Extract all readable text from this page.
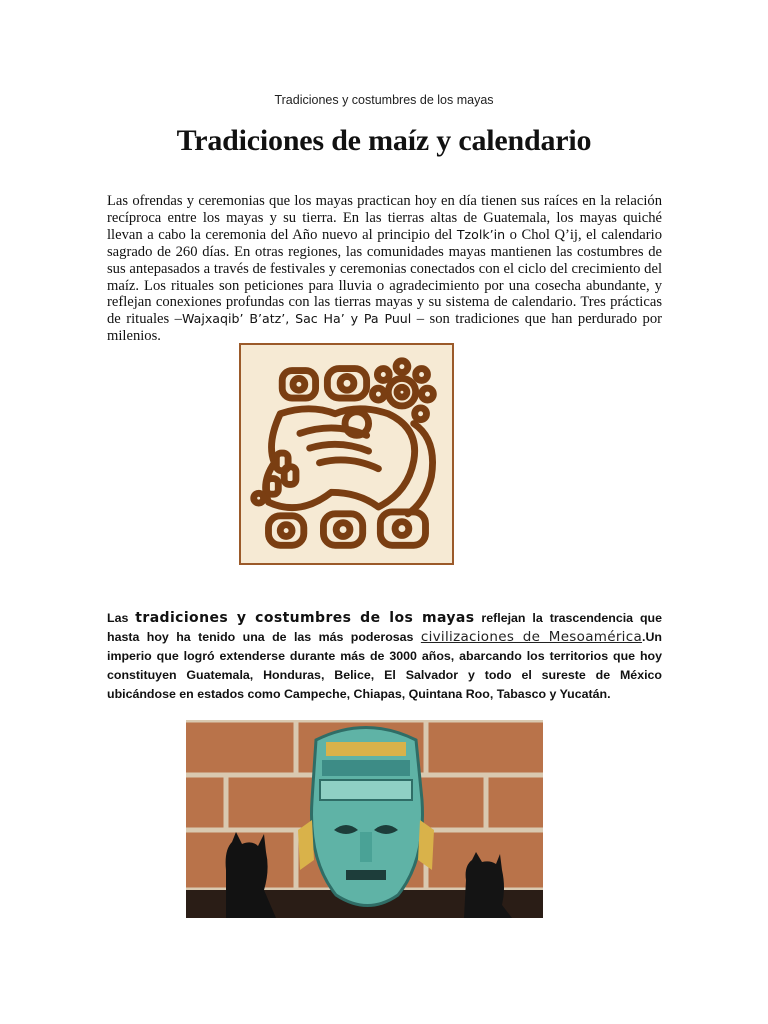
Tradiciones y costumbres de los mayas
Tradiciones de maíz y calendario
Las ofrendas y ceremonias que los mayas practican hoy en día tienen sus raíces en la relación recíproca entre los mayas y su tierra. En las tierras altas de Guatemala, los mayas quiché llevan a cabo la ceremonia del Año nuevo al principio del Tzolk’in o Chol Q’ij, el calendario sagrado de 260 días. En otras regiones, las comunidades mayas mantienen las costumbres de sus antepasados a través de festivales y ceremonias conectados con el ciclo del crecimiento del maíz. Los rituales son peticiones para lluvia o agradecimiento por una cosecha abundante, y reflejan conexiones profundas con las tierras mayas y su sistema de calendario. Tres prácticas de rituales –Wajxaqib’ B’atz’, Sac Ha’ y Pa Puul – son tradiciones que han perdurado por milenios.
Las tradiciones y costumbres de los mayas reflejan la trascendencia que hasta hoy ha tenido una de las más poderosas civilizaciones de Mesoamérica.Un imperio que logró extenderse durante más de 3000 años, abarcando los territorios que hoy constituyen Guatemala, Honduras, Belice, El Salvador y todo el sureste de México ubicándose en estados como Campeche, Chiapas, Quintana Roo, Tabasco y Yucatán.
